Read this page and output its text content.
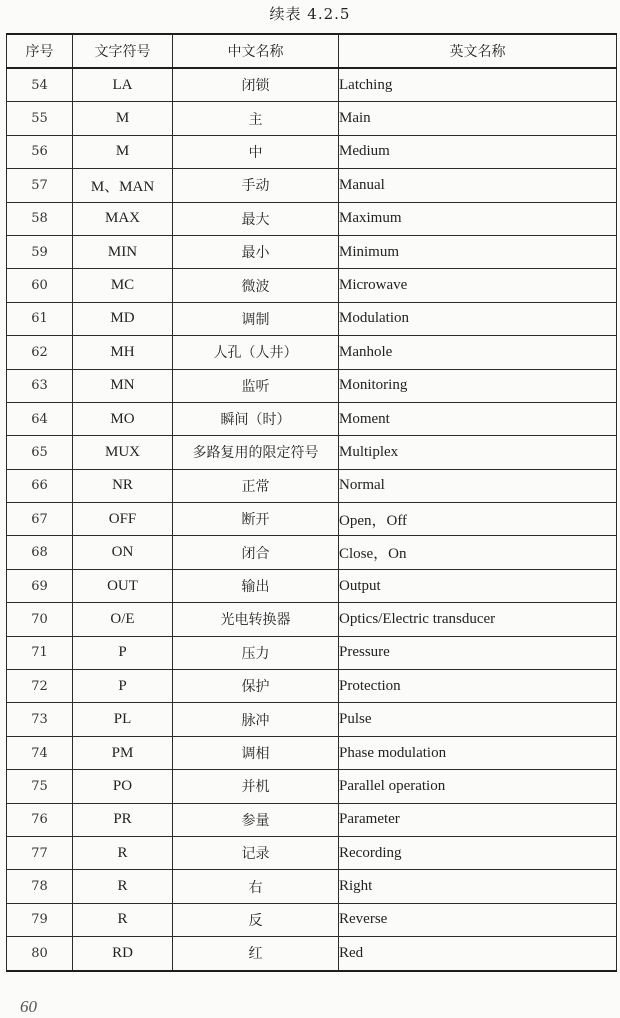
续表 4.2.5
序号	文字符号	中文名称	英文名称
54	LA	闭锁	Latching
55	M	主	Main
56	M	中	Medium
57	M、MAN	手动	Manual
58	MAX	最大	Maximum
59	MIN	最小	Minimum
60	MC	微波	Microwave
61	MD	调制	Modulation
62	MH	人孔（人井）	Manhole
63	MN	监听	Monitoring
64	MO	瞬间（时）	Moment
65	MUX	多路复用的限定符号	Multiplex
66	NR	正常	Normal
67	OFF	断开	Open，Off
68	ON	闭合	Close，On
69	OUT	输出	Output
70	O/E	光电转换器	Optics/Electric transducer
71	P	压力	Pressure
72	P	保护	Protection
73	PL	脉冲	Pulse
74	PM	调相	Phase modulation
75	PO	并机	Parallel operation
76	PR	参量	Parameter
77	R	记录	Recording
78	R	右	Right
79	R	反	Reverse
80	RD	红	Red
60
